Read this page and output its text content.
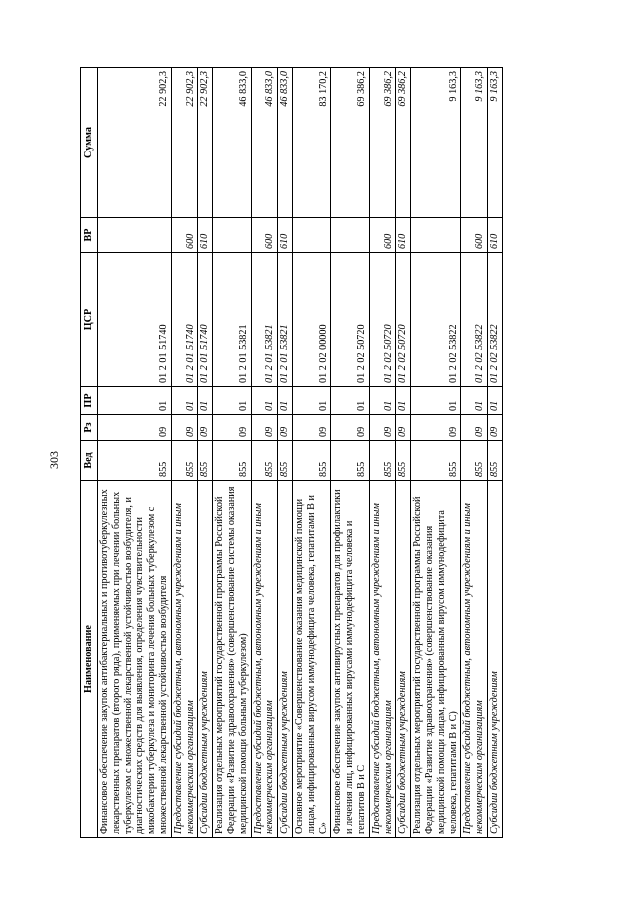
303
Наименование	Вед	Рз	ПР	ЦСР	ВР	Сумма
Финансовое обеспечение закупок антибактериальных и противотуберкулезных лекарственных препаратов (второго ряда), применяемых при лечении больных туберкулезом с множественной лекарственной устойчивостью возбудителя, и диагностических средств для выявления, определения чувствительности микобактерии туберкулеза и мониторинга лечения больных туберкулезом с множественной лекарственной устойчивостью возбудителя	855	09	01	01 2 01 51740		22 902,3
Предоставление субсидий бюджетным, автономным учреждениям и иным некоммерческим организациям	855	09	01	01 2 01 51740	600	22 902,3
Субсидии бюджетным учреждениям	855	09	01	01 2 01 51740	610	22 902,3
Реализация отдельных мероприятий государственной программы Российской Федерации «Развитие здравоохранения» (совершенствование системы оказания медицинской помощи больным туберкулезом)	855	09	01	01 2 01 53821		46 833,0
Предоставление субсидий бюджетным, автономным учреждениям и иным некоммерческим организациям	855	09	01	01 2 01 53821	600	46 833,0
Субсидии бюджетным учреждениям	855	09	01	01 2 01 53821	610	46 833,0
Основное мероприятие «Совершенствование оказания медицинской помощи лицам, инфицированным вирусом иммунодефицита человека, гепатитами В и С»	855	09	01	01 2 02 00000		83 170,2
Финансовое обеспечение закупок антивирусных препаратов для профилактики и лечения лиц, инфицированных вирусами иммунодефицита человека и гепатитов В и С	855	09	01	01 2 02 50720		69 386,2
Предоставление субсидий бюджетным, автономным учреждениям и иным некоммерческим организациям	855	09	01	01 2 02 50720	600	69 386,2
Субсидии бюджетным учреждениям	855	09	01	01 2 02 50720	610	69 386,2
Реализация отдельных мероприятий государственной программы Российской Федерации «Развитие здравоохранения» (совершенствование оказания медицинской помощи лицам, инфицированным вирусом иммунодефицита человека, гепатитами В и С)	855	09	01	01 2 02 53822		9 163,3
Предоставление субсидий бюджетным, автономным учреждениям и иным некоммерческим организациям	855	09	01	01 2 02 53822	600	9 163,3
Субсидии бюджетным учреждениям	855	09	01	01 2 02 53822	610	9 163,3
